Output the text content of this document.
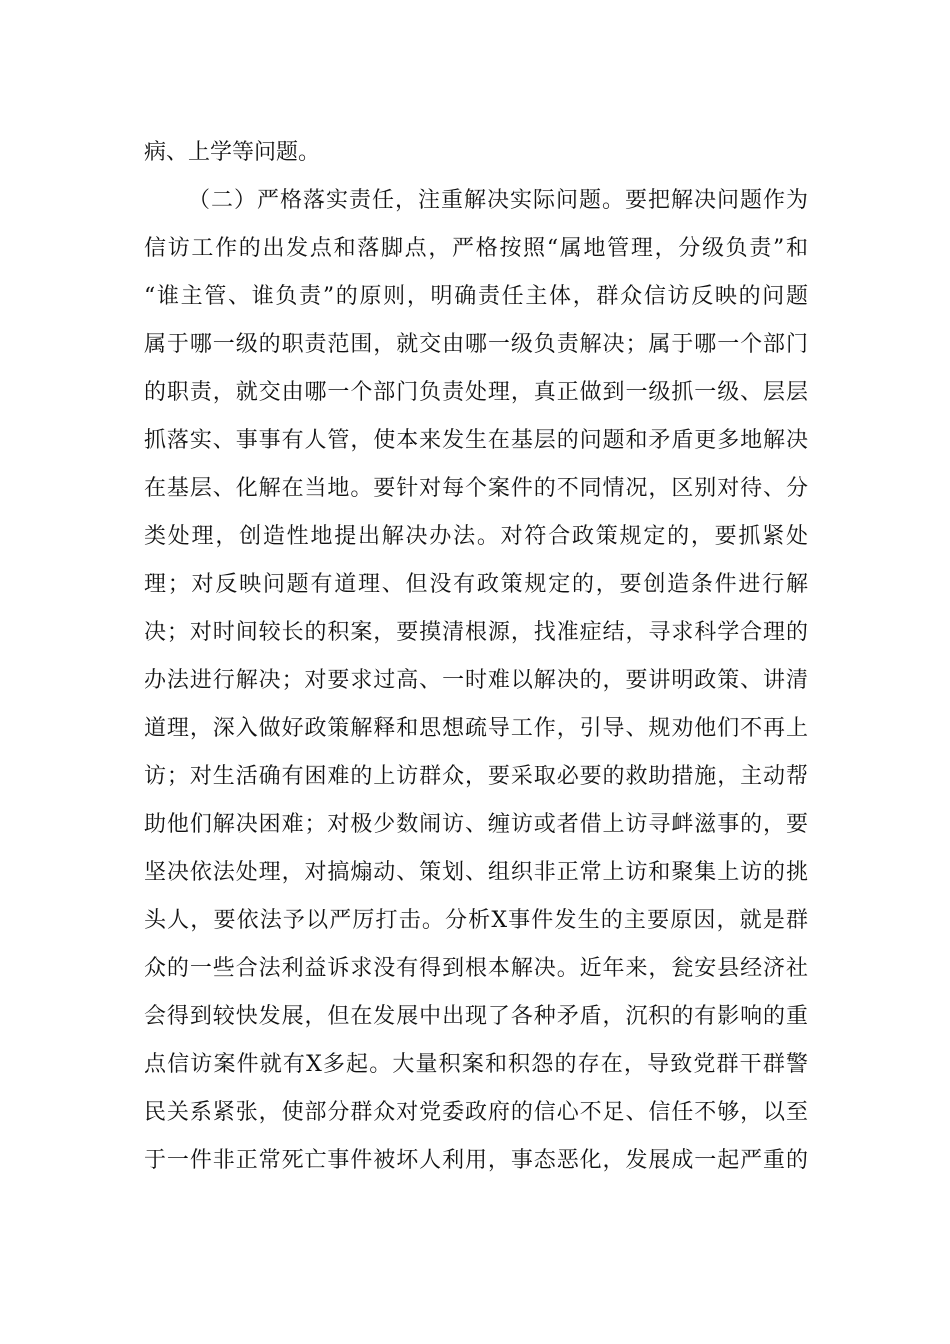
病、上学等问题。
（二）严格落实责任，注重解决实际问题。要把解决问题作为
信访工作的出发点和落脚点，严格按照“属地管理，分级负责”和
“谁主管、谁负责”的原则，明确责任主体，群众信访反映的问题
属于哪一级的职责范围，就交由哪一级负责解决；属于哪一个部门
的职责，就交由哪一个部门负责处理，真正做到一级抓一级、层层
抓落实、事事有人管，使本来发生在基层的问题和矛盾更多地解决
在基层、化解在当地。要针对每个案件的不同情况，区别对待、分
类处理，创造性地提出解决办法。对符合政策规定的，要抓紧处
理；对反映问题有道理、但没有政策规定的，要创造条件进行解
决；对时间较长的积案，要摸清根源，找准症结，寻求科学合理的
办法进行解决；对要求过高、一时难以解决的，要讲明政策、讲清
道理，深入做好政策解释和思想疏导工作，引导、规劝他们不再上
访；对生活确有困难的上访群众，要采取必要的救助措施，主动帮
助他们解决困难；对极少数闹访、缠访或者借上访寻衅滋事的，要
坚决依法处理，对搞煽动、策划、组织非正常上访和聚集上访的挑
头人，要依法予以严厉打击。分析X事件发生的主要原因，就是群
众的一些合法利益诉求没有得到根本解决。近年来，瓮安县经济社
会得到较快发展，但在发展中出现了各种矛盾，沉积的有影响的重
点信访案件就有X多起。大量积案和积怨的存在，导致党群干群警
民关系紧张，使部分群众对党委政府的信心不足、信任不够，以至
于一件非正常死亡事件被坏人利用，事态恶化，发展成一起严重的
